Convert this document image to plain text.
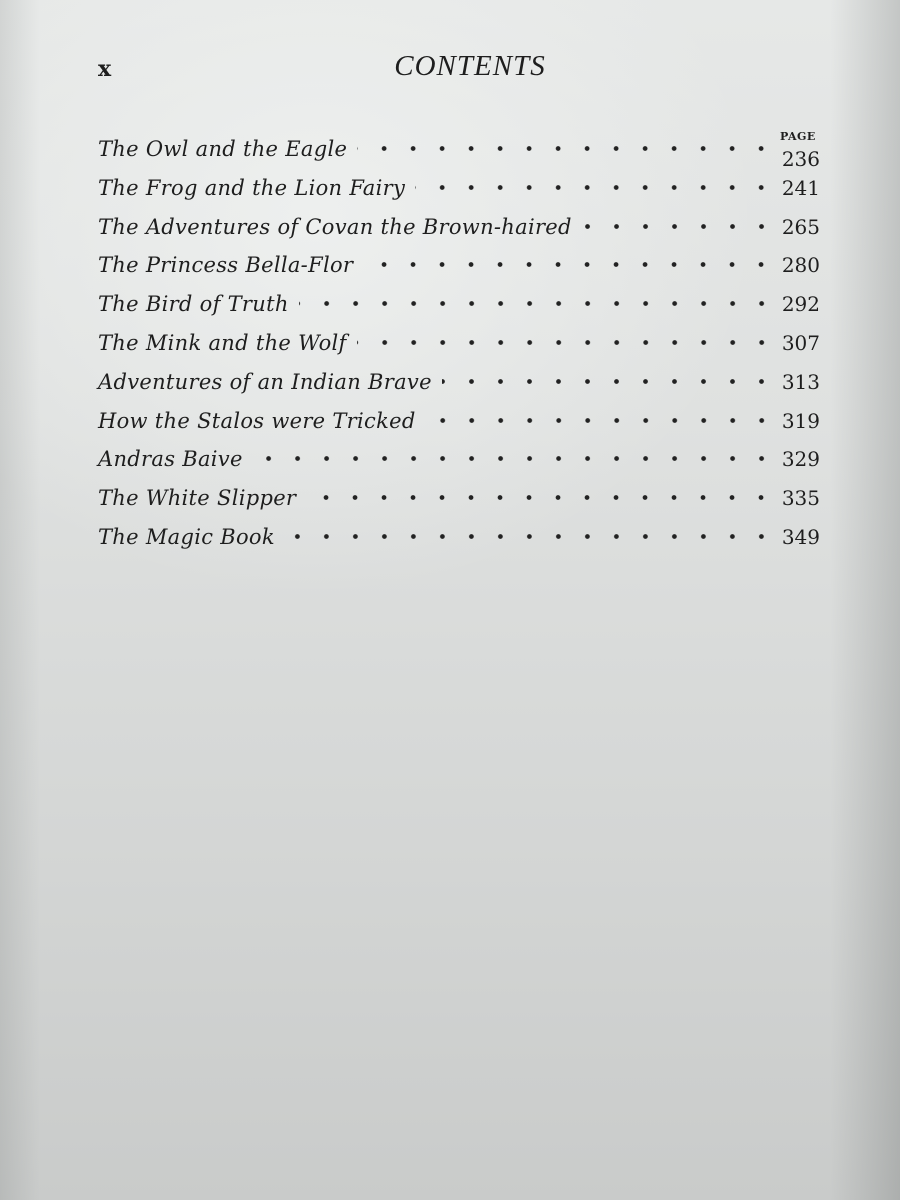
x	CONTENTS
PAGE
The Owl and the Eagle	236
The Frog and the Lion Fairy	241
The Adventures of Covan the Brown-haired	265
The Princess Bella-Flor	280
The Bird of Truth	292
The Mink and the Wolf	307
Adventures of an Indian Brave	313
How the Stalos were Tricked	319
Andras Baive	329
The White Slipper	335
The Magic Book	349
